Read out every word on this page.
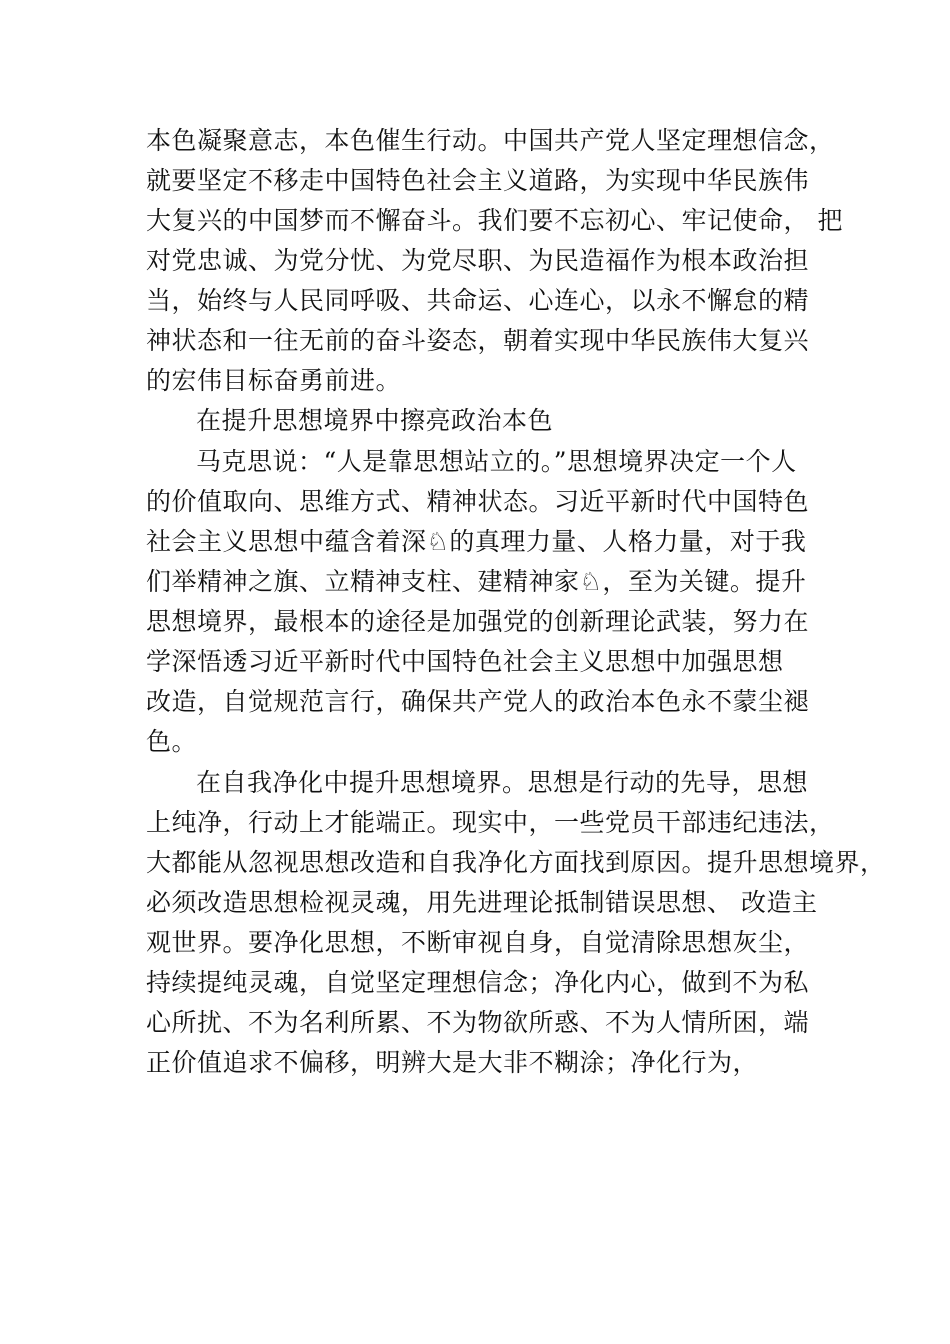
本色凝聚意志，本色催生行动。中国共产党人坚定理想信念，
就要坚定不移走中国特色社会主义道路，为实现中华民族伟
大复兴的中国梦而不懈奋斗。我们要不忘初心、牢记使命， 把
对党忠诚、为党分忧、为党尽职、为民造福作为根本政治担
当，始终与人民同呼吸、共命运、心连心，以永不懈怠的精
神状态和一往无前的奋斗姿态，朝着实现中华民族伟大复兴
的宏伟目标奋勇前进。
在提升思想境界中擦亮政治本色
马克思说：“人是靠思想站立的。”思想境界决定一个人
的价值取向、思维方式、精神状态。习近平新时代中国特色
社会主义思想中蕴含着深♘的真理力量、人格力量，对于我
们举精神之旗、立精神支柱、建精神家♘，至为关键。提升
思想境界，最根本的途径是加强党的创新理论武装，努力在
学深悟透习近平新时代中国特色社会主义思想中加强思想
改造，自觉规范言行，确保共产党人的政治本色永不蒙尘褪
色。
在自我净化中提升思想境界。思想是行动的先导，思想
上纯净，行动上才能端正。现实中，一些党员干部违纪违法，
大都能从忽视思想改造和自我净化方面找到原因。提升思想境界，
必须改造思想检视灵魂，用先进理论抵制错误思想、 改造主
观世界。要净化思想，不断审视自身，自觉清除思想灰尘，
持续提纯灵魂，自觉坚定理想信念；净化内心，做到不为私
心所扰、不为名利所累、不为物欲所惑、不为人情所困，端
正价值追求不偏移，明辨大是大非不糊涂；净化行为，
